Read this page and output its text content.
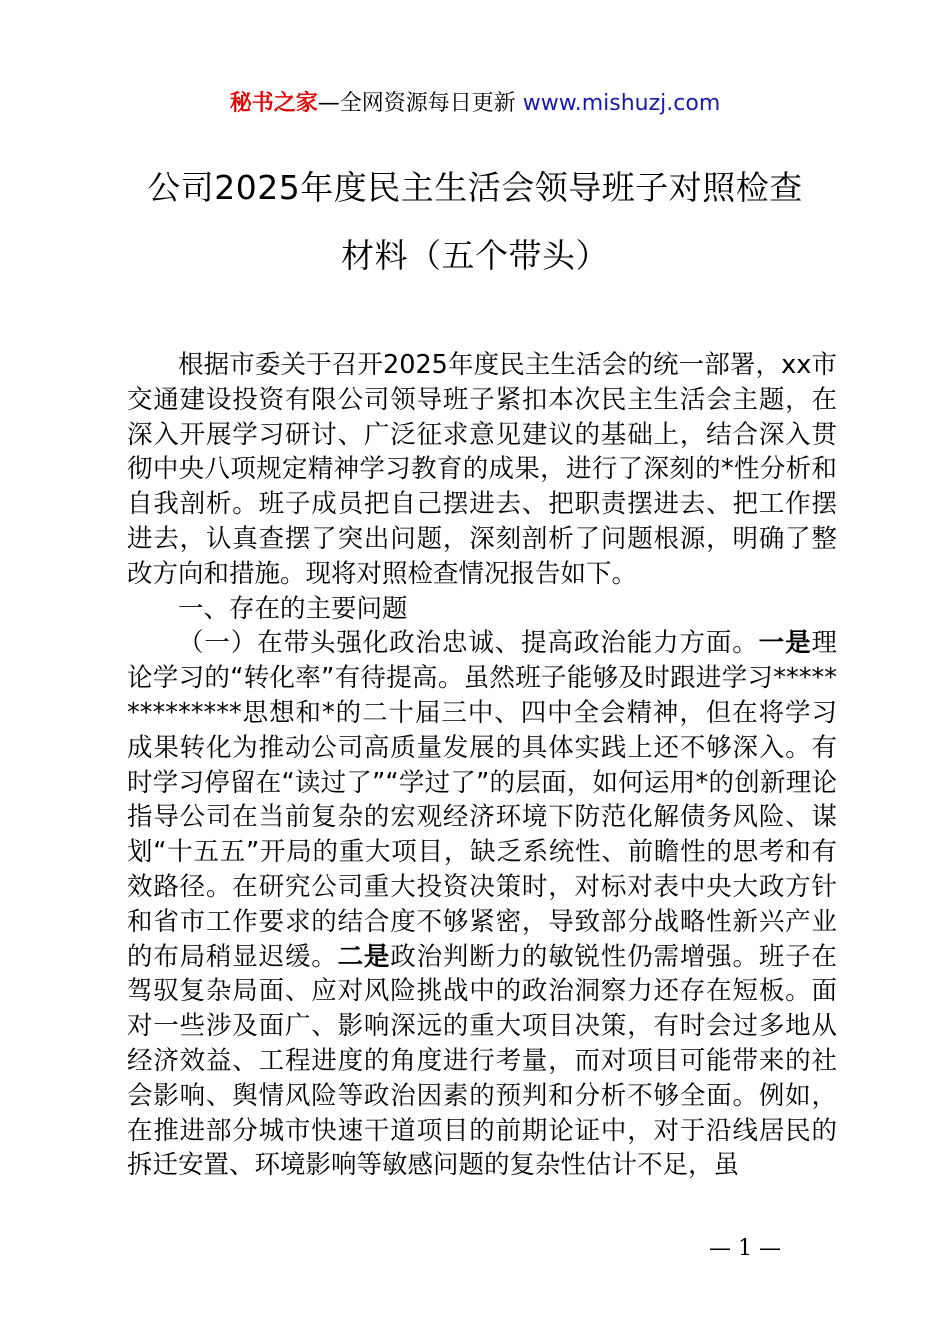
秘书之家—全网资源每日更新 www.mishuzj.com
公司2025年度民主生活会领导班子对照检查
材料（五个带头）

根据市委关于召开2025年度民主生活会的统一部署，xx市交通建设投资有限公司领导班子紧扣本次民主生活会主题，在深入开展学习研讨、广泛征求意见建议的基础上，结合深入贯彻中央八项规定精神学习教育的成果，进行了深刻的*性分析和自我剖析。班子成员把自己摆进去、把职责摆进去、把工作摆进去，认真查摆了突出问题，深刻剖析了问题根源，明确了整改方向和措施。现将对照检查情况报告如下。

一、存在的主要问题

（一）在带头强化政治忠诚、提高政治能力方面。一是理论学习的“转化率”有待提高。虽然班子能够及时跟进学习**************思想和*的二十届三中、四中全会精神，但在将学习成果转化为推动公司高质量发展的具体实践上还不够深入。有时学习停留在“读过了”“学过了”的层面，如何运用*的创新理论指导公司在当前复杂的宏观经济环境下防范化解债务风险、谋划“十五五”开局的重大项目，缺乏系统性、前瞻性的思考和有效路径。在研究公司重大投资决策时，对标对表中央大政方针和省市工作要求的结合度不够紧密，导致部分战略性新兴产业的布局稍显迟缓。二是政治判断力的敏锐性仍需增强。班子在驾驭复杂局面、应对风险挑战中的政治洞察力还存在短板。面对一些涉及面广、影响深远的重大项目决策，有时会过多地从经济效益、工程进度的角度进行考量，而对项目可能带来的社会影响、舆情风险等政治因素的预判和分析不够全面。例如，在推进部分城市快速干道项目的前期论证中，对于沿线居民的拆迁安置、环境影响等敏感问题的复杂性估计不足，虽

— 1 —
